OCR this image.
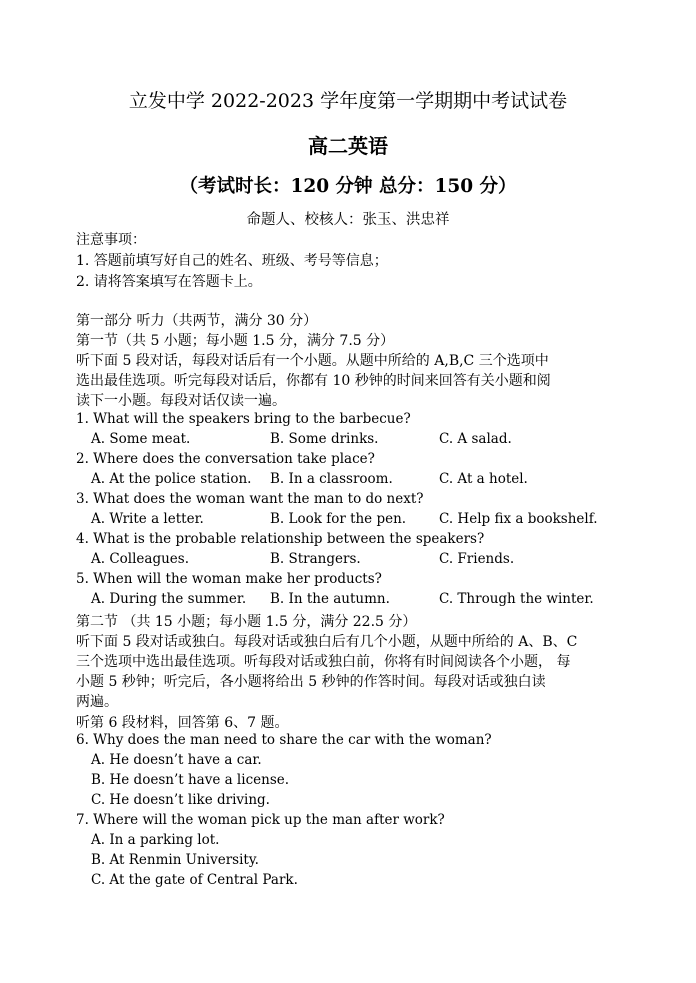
立发中学 2022-2023 学年度第一学期期中考试试卷
高二英语
（考试时长：120 分钟 总分：150 分）
命题人、校核人：张玉、洪忠祥
注意事项：
1. 答题前填写好自己的姓名、班级、考号等信息；
2. 请将答案填写在答题卡上。
第一部分 听力（共两节，满分 30 分）
第一节（共 5 小题；每小题 1.5 分，满分 7.5 分）
听下面 5 段对话，每段对话后有一个小题。从题中所给的 A,B,C 三个选项中
选出最佳选项。听完每段对话后，你都有 10 秒钟的时间来回答有关小题和阅
读下一小题。每段对话仅读一遍。
1. What will the speakers bring to the barbecue?
A. Some meat.	B. Some drinks.	C. A salad.
2. Where does the conversation take place?
A. At the police station. B. In a classroom.	C. At a hotel.
3. What does the woman want the man to do next?
A. Write a letter.	B. Look for the pen. C. Help fix a bookshelf.
4. What is the probable relationship between the speakers?
A. Colleagues.	B. Strangers.	C. Friends.
5. When will the woman make her products?
A. During the summer. B. In the autumn.	C. Through the winter.
第二节 （共 15 小题；每小题 1.5 分，满分 22.5 分）
听下面 5 段对话或独白。每段对话或独白后有几个小题，从题中所给的 A、B、C
三个选项中选出最佳选项。听每段对话或独白前，你将有时间阅读各个小题， 每
小题 5 秒钟；听完后，各小题将给出 5 秒钟的作答时间。每段对话或独白读
两遍。
听第 6 段材料，回答第 6、7 题。
6. Why does the man need to share the car with the woman?
A. He doesn’t have a car.
B. He doesn’t have a license.
C. He doesn’t like driving.
7. Where will the woman pick up the man after work?
A. In a parking lot.
B. At Renmin University.
C. At the gate of Central Park.
